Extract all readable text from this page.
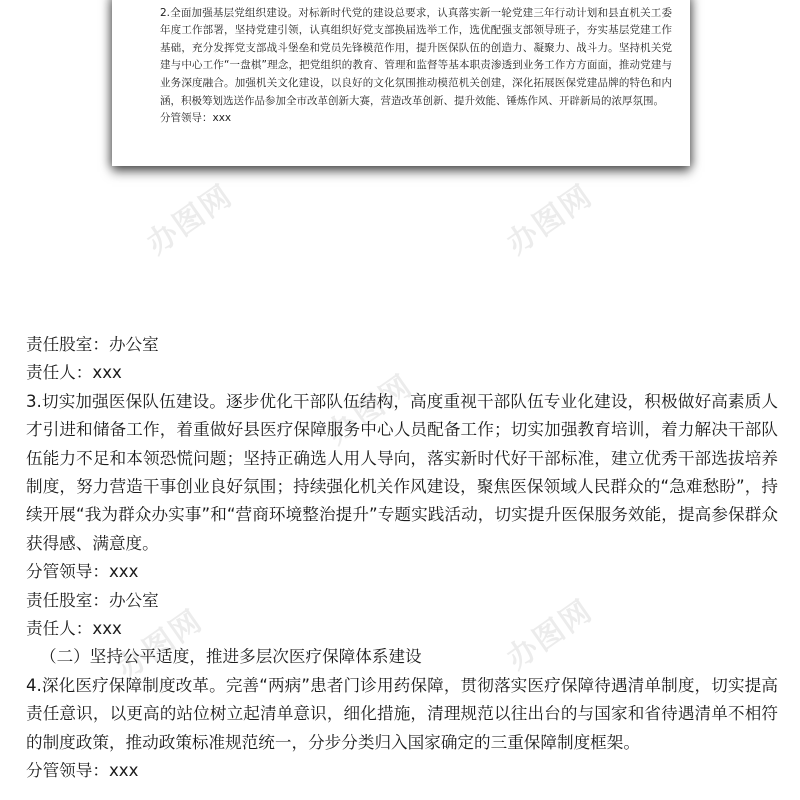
2.全面加强基层党组织建设。对标新时代党的建设总要求，认真落实新一轮党建三年行动计划和县直机关工委年度工作部署，坚持党建引领，认真组织好党支部换届选举工作，选优配强支部领导班子，夯实基层党建工作基础，充分发挥党支部战斗堡垒和党员先锋模范作用，提升医保队伍的创造力、凝聚力、战斗力。坚持机关党建与中心工作“一盘棋”理念，把党组织的教育、管理和监督等基本职责渗透到业务工作方方面面，推动党建与业务深度融合。加强机关文化建设，以良好的文化氛围推动模范机关创建，深化拓展医保党建品牌的特色和内涵，积极筹划选送作品参加全市改革创新大赛，营造改革创新、提升效能、锤炼作风、开辟新局的浓厚氛围。

分管领导：xxx

办图网	办图网
办图网
办图网	办图网

责任股室：办公室

责任人：xxx

3.切实加强医保队伍建设。逐步优化干部队伍结构，高度重视干部队伍专业化建设，积极做好高素质人才引进和储备工作，着重做好县医疗保障服务中心人员配备工作；切实加强教育培训，着力解决干部队伍能力不足和本领恐慌问题；坚持正确选人用人导向，落实新时代好干部标准，建立优秀干部选拔培养制度，努力营造干事创业良好氛围；持续强化机关作风建设，聚焦医保领域人民群众的“急难愁盼”，持续开展“我为群众办实事”和“营商环境整治提升”专题实践活动，切实提升医保服务效能，提高参保群众获得感、满意度。

分管领导：xxx

责任股室：办公室

责任人：xxx

（二）坚持公平适度，推进多层次医疗保障体系建设

4.深化医疗保障制度改革。完善“两病”患者门诊用药保障，贯彻落实医疗保障待遇清单制度，切实提高责任意识，以更高的站位树立起清单意识，细化措施，清理规范以往出台的与国家和省待遇清单不相符的制度政策，推动政策标准规范统一，分步分类归入国家确定的三重保障制度框架。

分管领导：xxx
